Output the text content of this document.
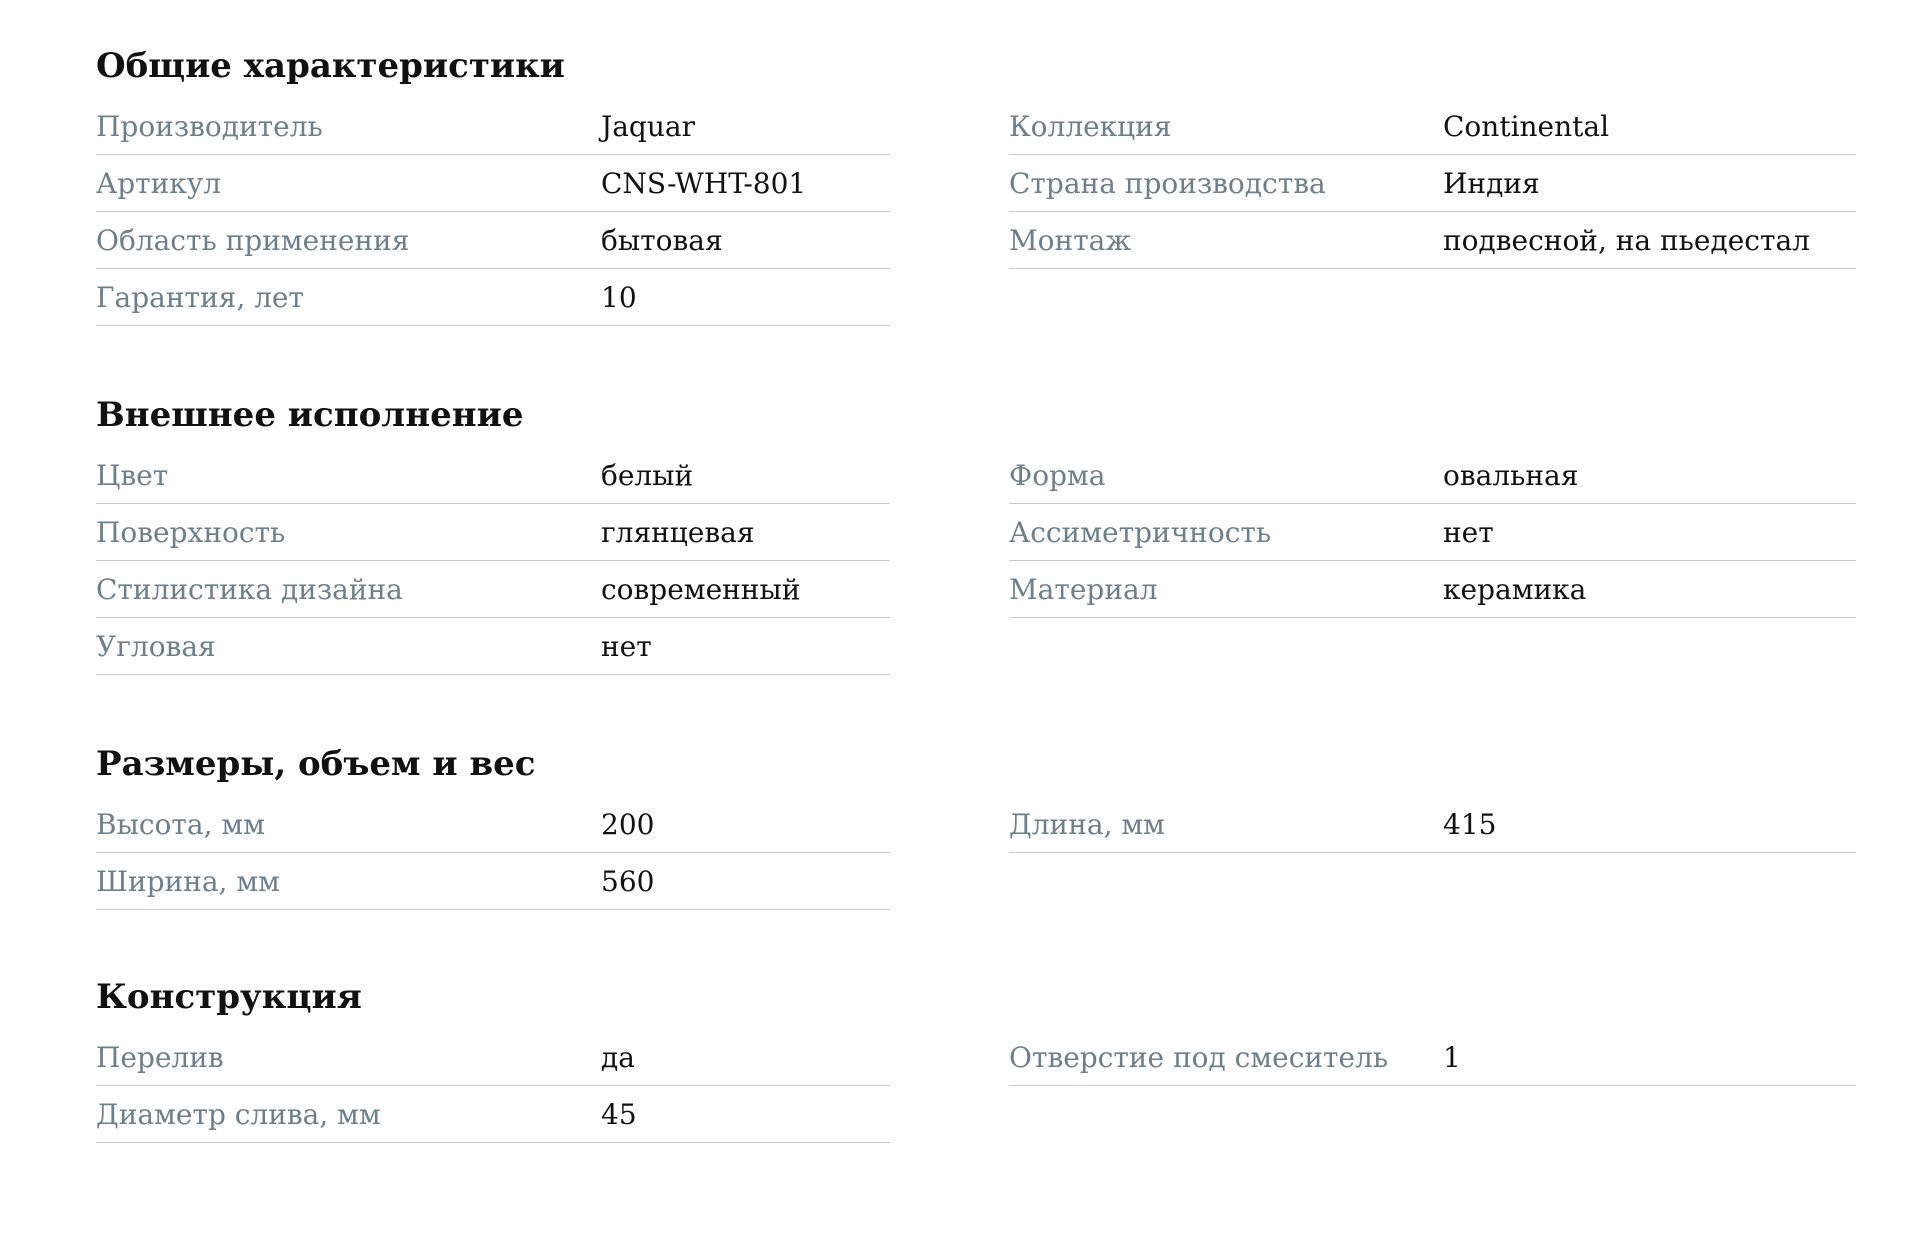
Общие характеристики
Производитель	Jaquar
Артикул	CNS-WHT-801
Область применения	бытовая
Гарантия, лет	10
Коллекция	Continental
Страна производства	Индия
Монтаж	подвесной, на пьедестал
Внешнее исполнение
Цвет	белый
Поверхность	глянцевая
Стилистика дизайна	современный
Угловая	нет
Форма	овальная
Ассиметричность	нет
Материал	керамика
Размеры, объем и вес
Высота, мм	200
Ширина, мм	560
Длина, мм	415
Конструкция
Перелив	да
Диаметр слива, мм	45
Отверстие под смеситель 1
